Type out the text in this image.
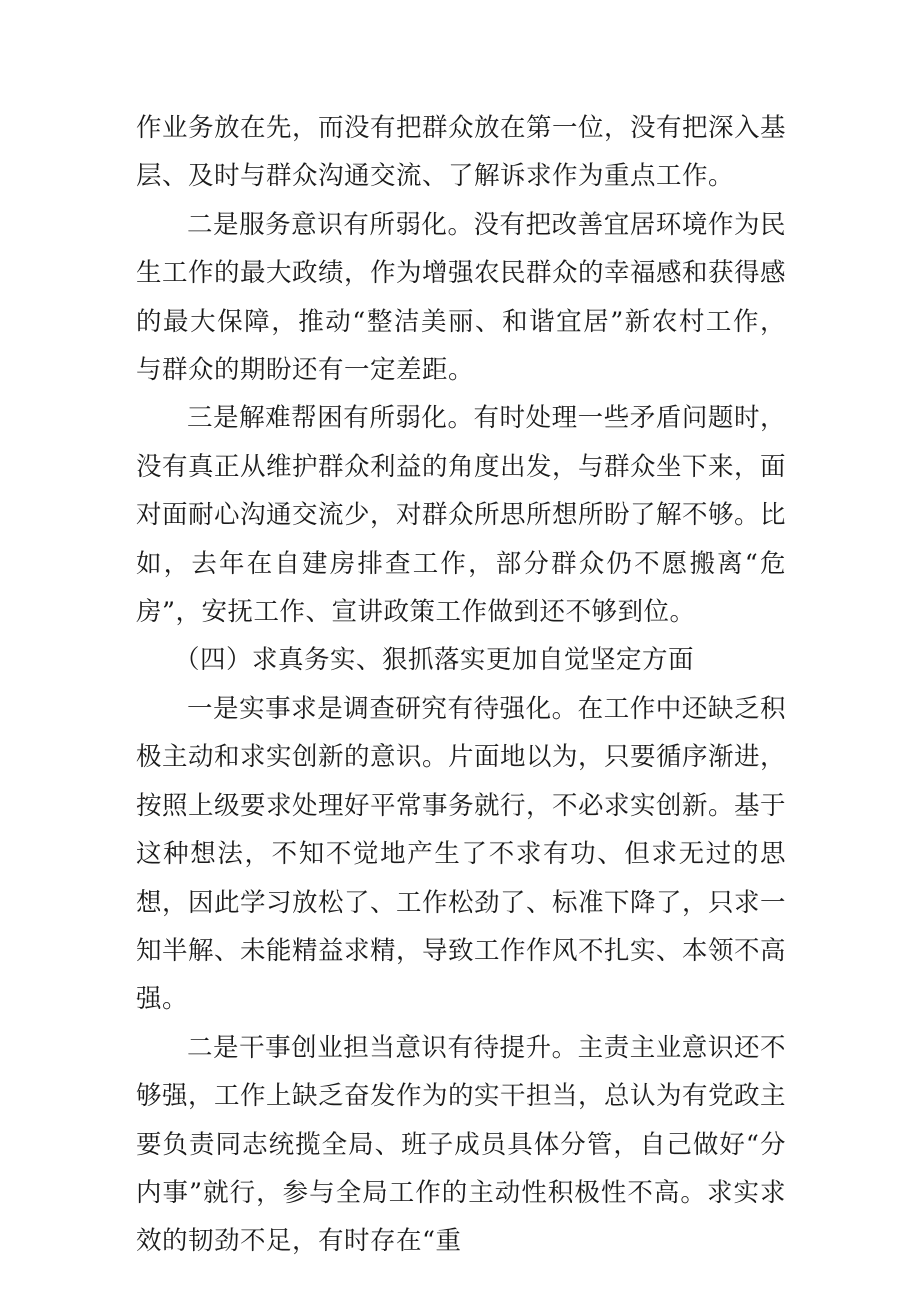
作业务放在先，而没有把群众放在第一位，没有把深入基层、及时与群众沟通交流、了解诉求作为重点工作。

二是服务意识有所弱化。没有把改善宜居环境作为民生工作的最大政绩，作为增强农民群众的幸福感和获得感的最大保障，推动“整洁美丽、和谐宜居”新农村工作，与群众的期盼还有一定差距。

三是解难帮困有所弱化。有时处理一些矛盾问题时，没有真正从维护群众利益的角度出发，与群众坐下来，面对面耐心沟通交流少，对群众所思所想所盼了解不够。比如，去年在自建房排查工作，部分群众仍不愿搬离“危房”，安抚工作、宣讲政策工作做到还不够到位。

（四）求真务实、狠抓落实更加自觉坚定方面

一是实事求是调查研究有待强化。在工作中还缺乏积极主动和求实创新的意识。片面地以为，只要循序渐进，按照上级要求处理好平常事务就行，不必求实创新。基于这种想法，不知不觉地产生了不求有功、但求无过的思想，因此学习放松了、工作松劲了、标准下降了，只求一知半解、未能精益求精，导致工作作风不扎实、本领不高强。

二是干事创业担当意识有待提升。主责主业意识还不够强，工作上缺乏奋发作为的实干担当，总认为有党政主要负责同志统揽全局、班子成员具体分管，自己做好“分内事”就行，参与全局工作的主动性积极性不高。求实求效的韧劲不足，有时存在“重
